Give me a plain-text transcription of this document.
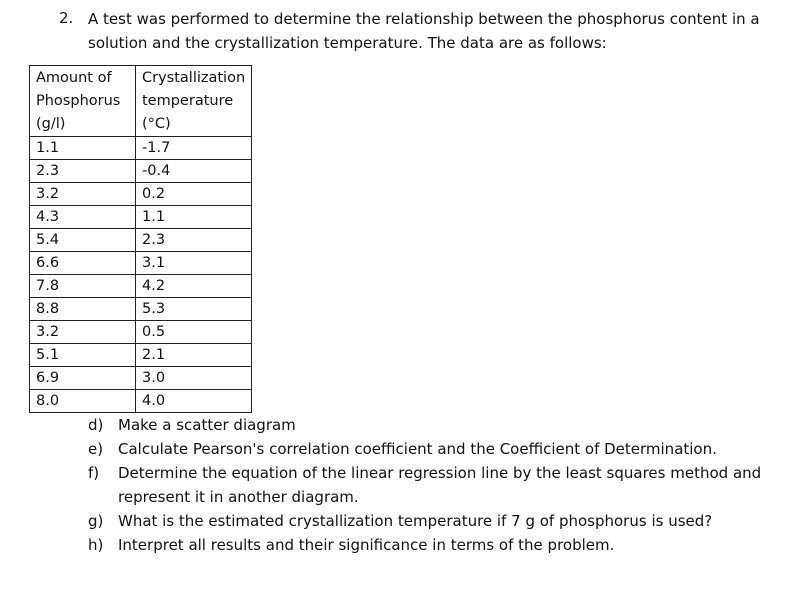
2. A test was performed to determine the relationship between the phosphorus content in a solution and the crystallization temperature. The data are as follows:
Amount of
Phosphorus
(g/l)	Crystallization
temperature
(°C)

1.1	-1.7
2.3	-0.4
3.2	0.2
4.3	1.1
5.4	2.3
6.6	3.1
7.8	4.2
8.8	5.3
3.2	0.5
5.1	2.1
6.9	3.0
8.0	4.0
d) Make a scatter diagram
e) Calculate Pearson's correlation coefficient and the Coefficient of Determination.
f) Determine the equation of the linear regression line by the least squares method and represent it in another diagram.
g) What is the estimated crystallization temperature if 7 g of phosphorus is used?
h) Interpret all results and their significance in terms of the problem.
